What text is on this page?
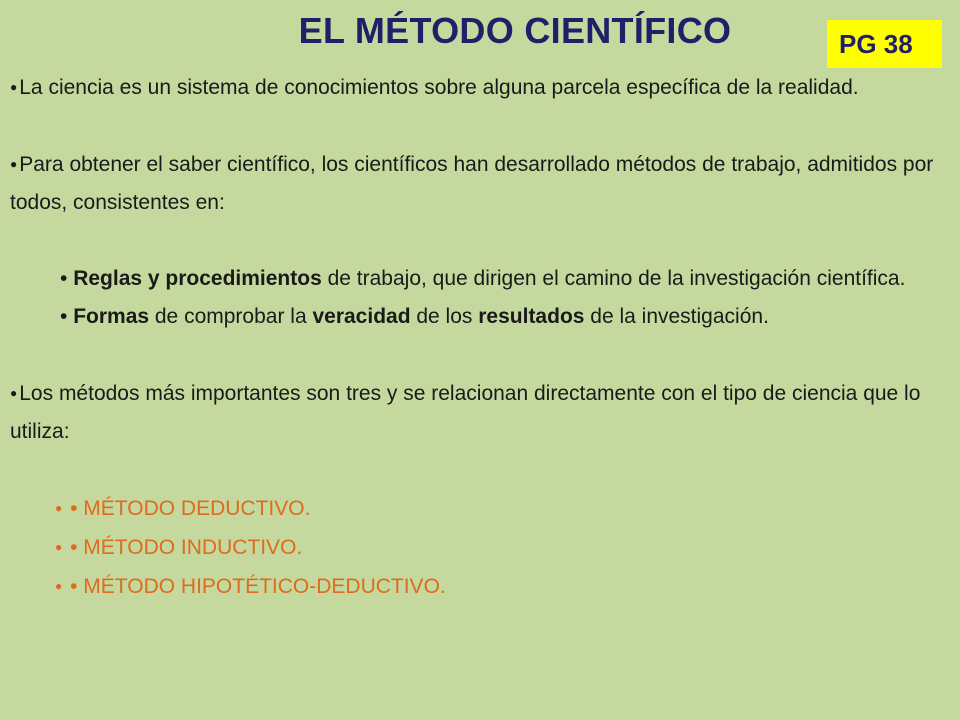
EL MÉTODO CIENTÍFICO	PG 38

●La ciencia es un sistema de conocimientos sobre alguna parcela específica de la realidad.

●Para obtener el saber científico, los científicos han desarrollado métodos de trabajo, admitidos por todos, consistentes en:

• Reglas y procedimientos de trabajo, que dirigen el camino de la investigación científica.

• Formas de comprobar la veracidad de los resultados de la investigación.

●Los métodos más importantes son tres y se relacionan directamente con el tipo de ciencia que lo utiliza:

● • MÉTODO DEDUCTIVO.

● • MÉTODO INDUCTIVO.

● • MÉTODO HIPOTÉTICO-DEDUCTIVO.
